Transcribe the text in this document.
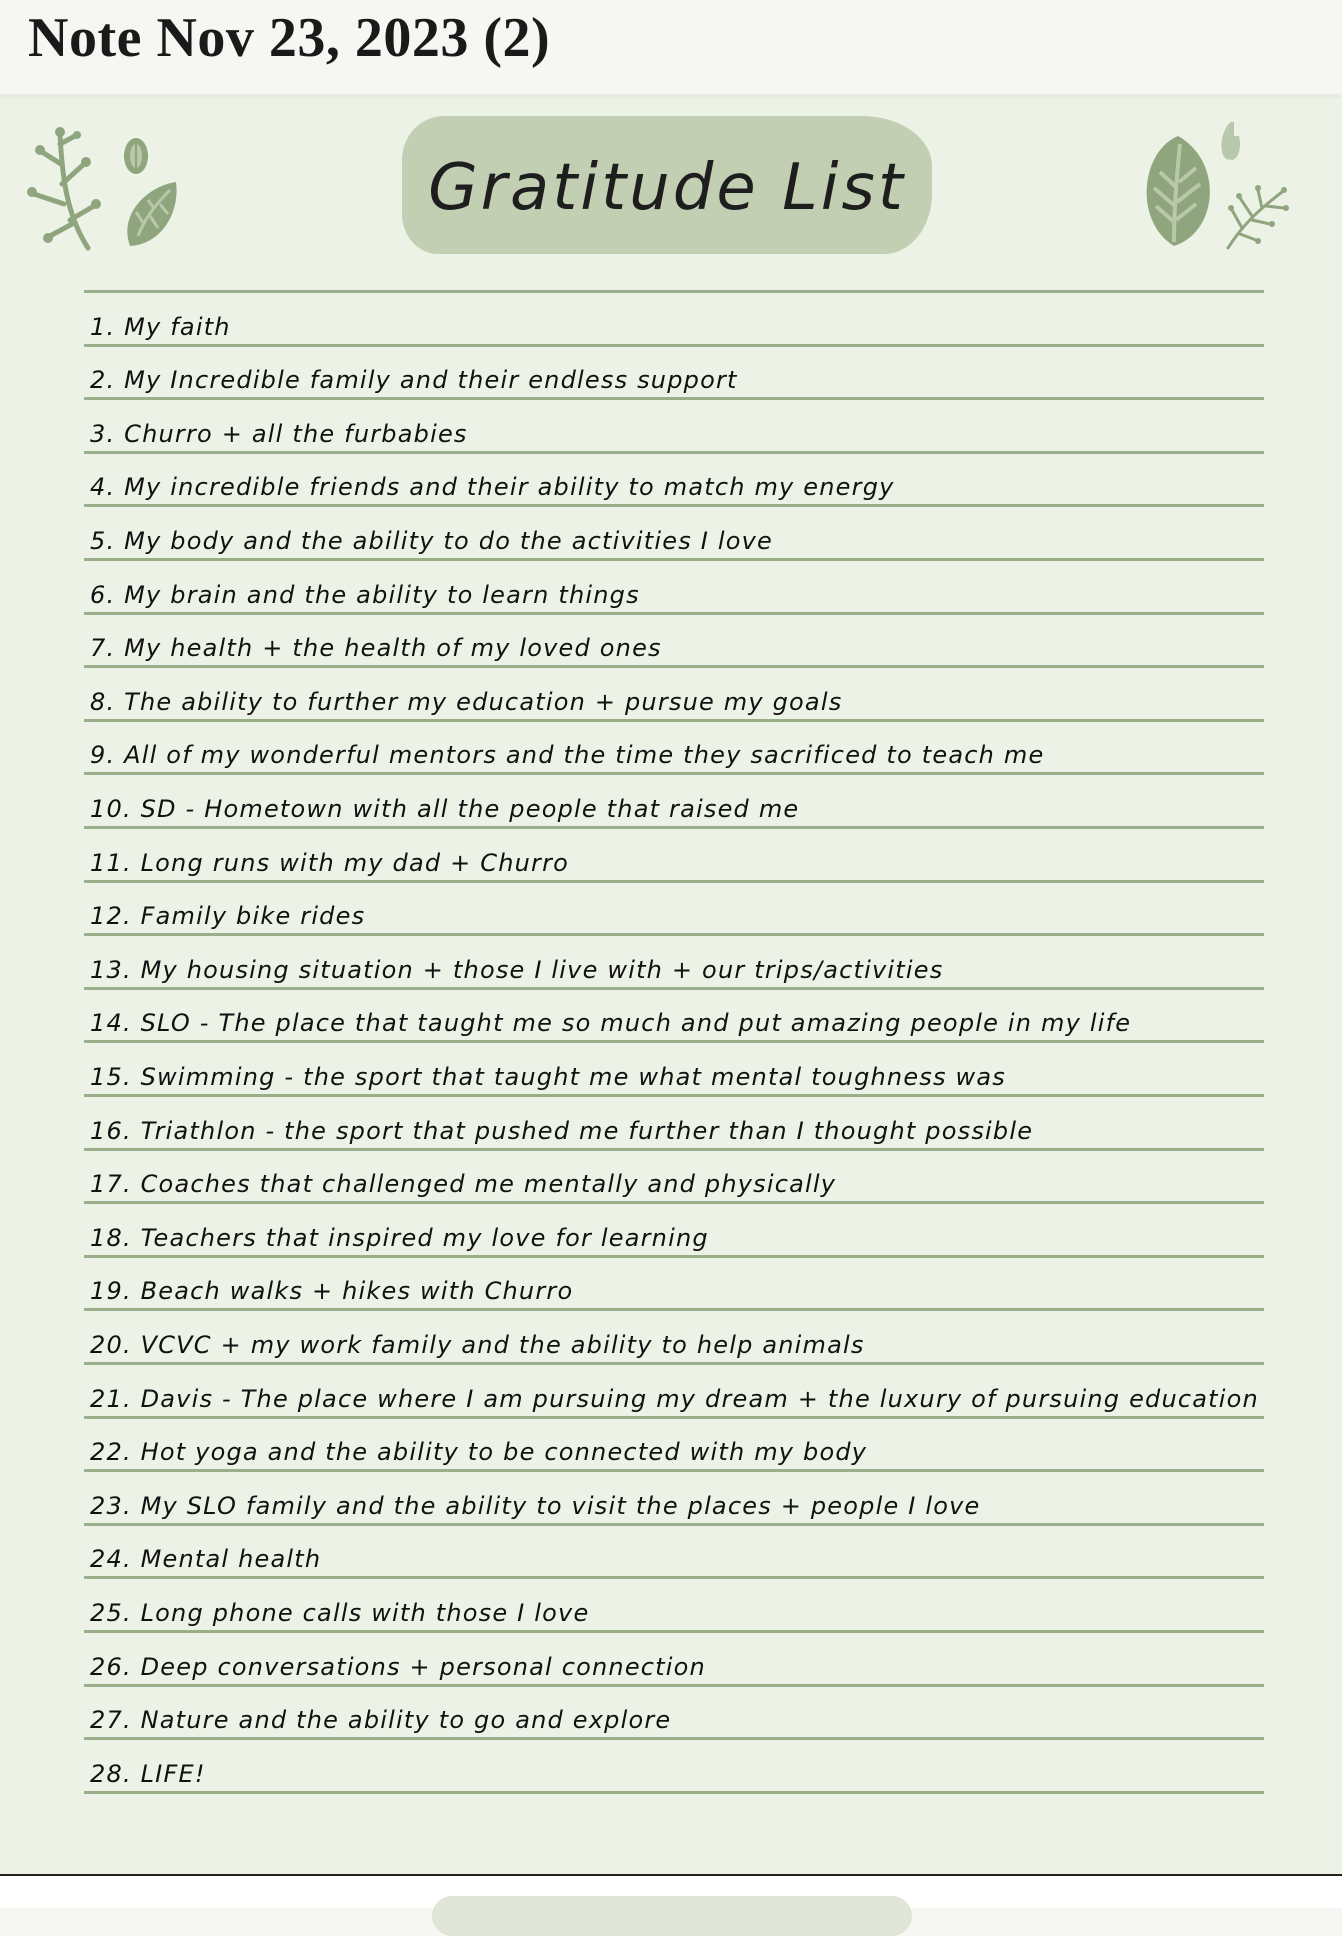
Note Nov 23, 2023 (2)
Gratitude List
1. My faith
2. My Incredible family and their endless support
3. Churro + all the furbabies
4. My incredible friends and their ability to match my energy
5. My body and the ability to do the activities I love
6. My brain and the ability to learn things
7. My health + the health of my loved ones
8. The ability to further my education + pursue my goals
9. All of my wonderful mentors and the time they sacrificed to teach me
10. SD - Hometown with all the people that raised me
11. Long runs with my dad + Churro
12. Family bike rides
13. My housing situation + those I live with + our trips/activities
14. SLO - The place that taught me so much and put amazing people in my life
15. Swimming - the sport that taught me what mental toughness was
16. Triathlon - the sport that pushed me further than I thought possible
17. Coaches that challenged me mentally and physically
18. Teachers that inspired my love for learning
19. Beach walks + hikes with Churro
20. VCVC + my work family and the ability to help animals
21. Davis - The place where I am pursuing my dream + the luxury of pursuing education
22. Hot yoga and the ability to be connected with my body
23. My SLO family and the ability to visit the places + people I love
24. Mental health
25. Long phone calls with those I love
26. Deep conversations + personal connection
27. Nature and the ability to go and explore
28. LIFE!
